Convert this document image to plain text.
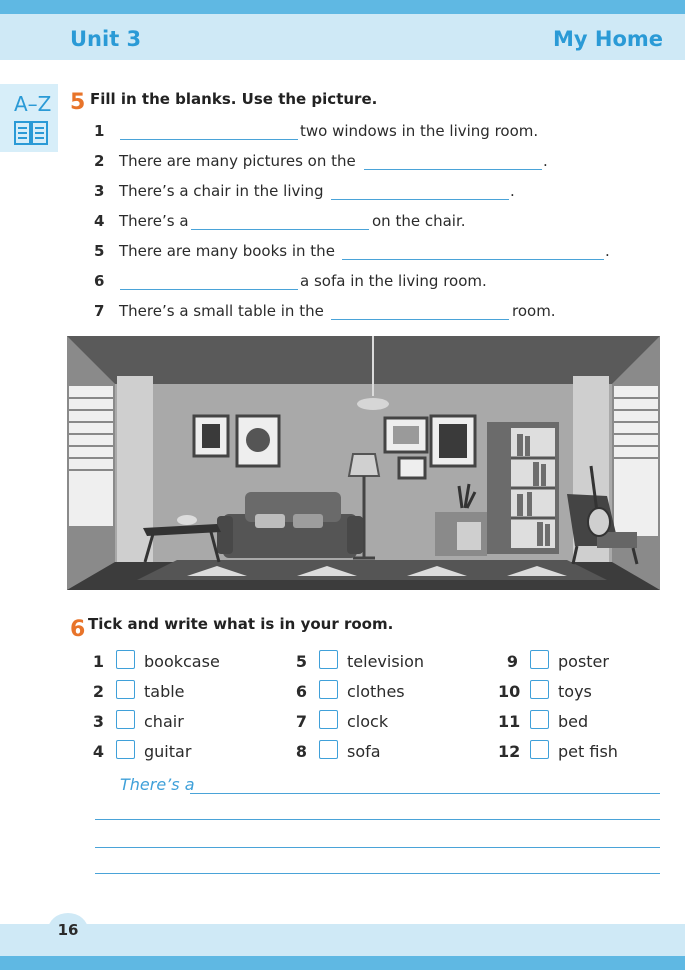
Unit 3	My Home
A–Z 5 Fill in the blanks. Use the picture.
1	two windows in the living room.
2 There are many pictures on the	.
3 There’s a chair in the living	.
4 There’s a	on the chair.
5 There are many books in the	.
6	a sofa in the living room.
7 There’s a small table in the	room.
6 Tick and write what is in your room.
1	bookcase
2	table
3	chair
4	guitar
5	television
6	clothes
7	clock
8	sofa
9	poster
10 toys
11 bed
12 pet fish
There’s a
16
